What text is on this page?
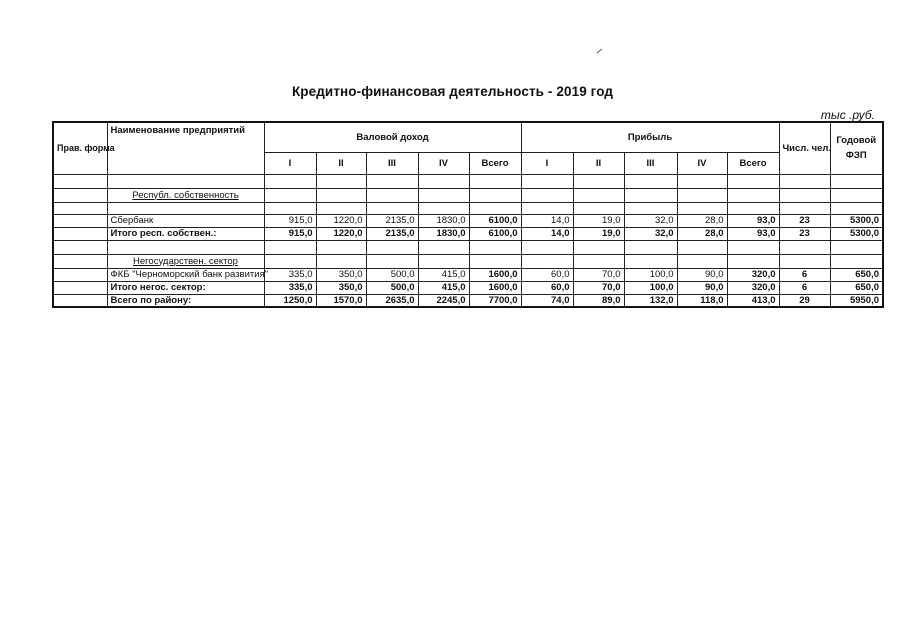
Кредитно-финансовая деятельность - 2019 год
тыс .руб.
Прав. форма	Наименование предприятий	Валовой доход					Прибыль					Числ. чел.	Годовой ФЗП
		I	II	III	IV	Всего	I	II	III	IV	Всего		

	Республ. собственность												

	Сбербанк	915,0	1220,0	2135,0	1830,0	6100,0	14,0	19,0	32,0	28,0	93,0	23	5300,0
	Итого респ. собствен.:	915,0	1220,0	2135,0	1830,0	6100,0	14,0	19,0	32,0	28,0	93,0	23	5300,0

	Негосударствен. сектор												
	ФКБ "Черноморский банк развития"	335,0	350,0	500,0	415,0	1600,0	60,0	70,0	100,0	90,0	320,0	6	650,0
	Итого негос. сектор:	335,0	350,0	500,0	415,0	1600,0	60,0	70,0	100,0	90,0	320,0	6	650,0
	Всего по району:	1250,0	1570,0	2635,0	2245,0	7700,0	74,0	89,0	132,0	118,0	413,0	29	5950,0
